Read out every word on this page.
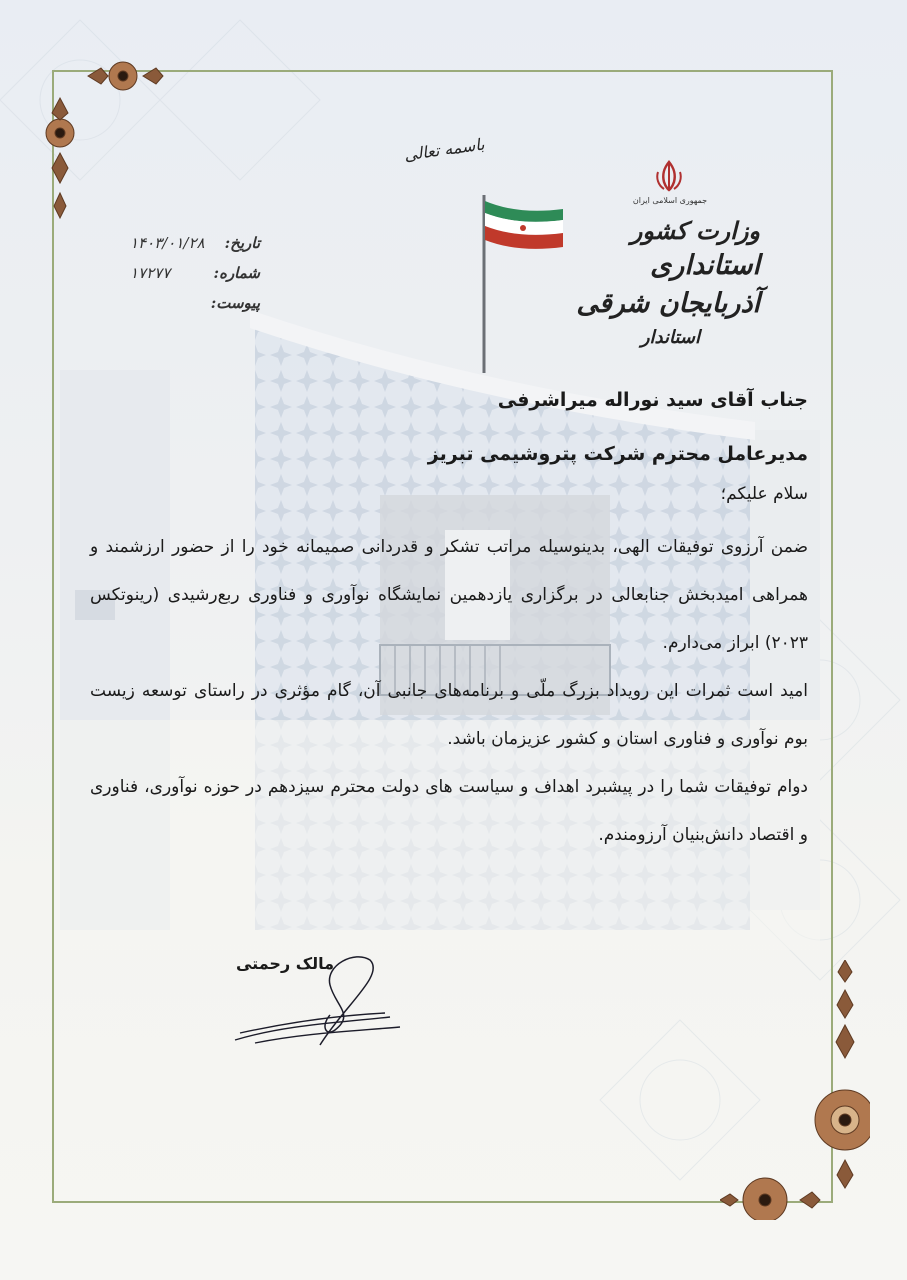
باسمه تعالی
جمهوری اسلامی ایران
وزارت کشور
استانداری آذربایجان شرقی
استاندار
تاریخ:
۱۴۰۳/۰۱/۲۸
شماره:
۱۷۲۷۷
پیوست:
جناب آقای سید نوراله میراشرفی
مدیرعامل محترم شرکت پتروشیمی تبریز
سلام علیکم؛
ضمن آرزوی توفیقات الهی، بدینوسیله مراتب تشکر و قدردانی صمیمانه خود را از حضور ارزشمند و همراهی امیدبخش جنابعالی در برگزاری یازدهمین نمایشگاه نوآوری و فناوری ربع‌رشیدی (رینوتکس ۲۰۲۳) ابراز می‌دارم.
امید است ثمرات این رویداد بزرگ ملّی و برنامه‌های جانبی آن، گام مؤثری در راستای توسعه زیست بوم نوآوری و فناوری استان و کشور عزیزمان باشد.
دوام توفیقات شما را در پیشبرد اهداف و سیاست های دولت محترم سیزدهم در حوزه نوآوری، فناوری و اقتصاد دانش‌بنیان آرزومندم.
مالک رحمتی
